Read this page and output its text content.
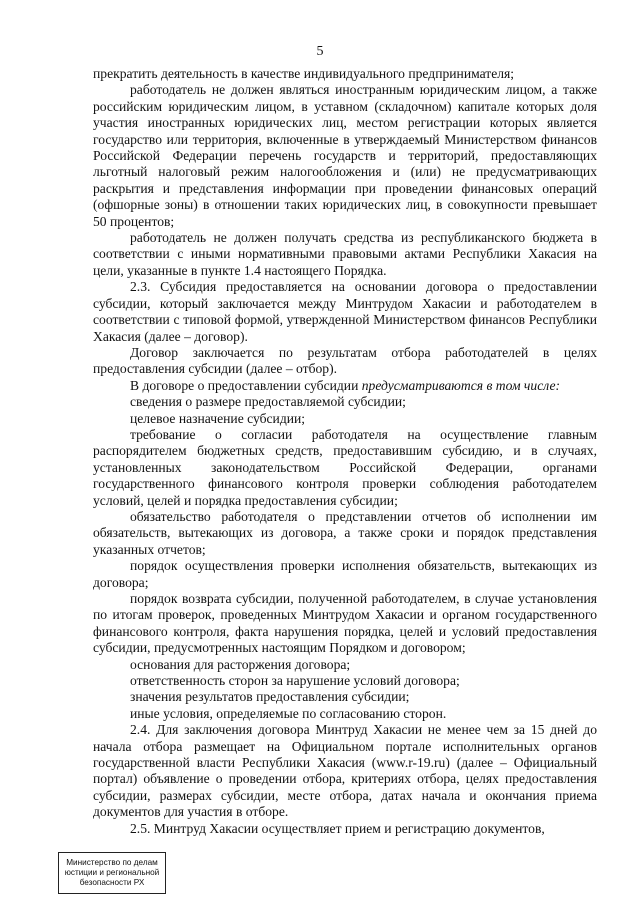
5

прекратить деятельность в качестве индивидуального предпринимателя;

работодатель не должен являться иностранным юридическим лицом, а также российским юридическим лицом, в уставном (складочном) капитале которых доля участия иностранных юридических лиц, местом регистрации которых является государство или территория, включенные в утверждаемый Министерством финансов Российской Федерации перечень государств и территорий, предоставляющих льготный налоговый режим налогообложения и (или) не предусматривающих раскрытия и представления информации при проведении финансовых операций (офшорные зоны) в отношении таких юридических лиц, в совокупности превышает 50 процентов;

работодатель не должен получать средства из республиканского бюджета в соответствии с иными нормативными правовыми актами Республики Хакасия на цели, указанные в пункте 1.4 настоящего Порядка.

2.3. Субсидия предоставляется на основании договора о предоставлении субсидии, который заключается между Минтрудом Хакасии и работодателем в соответствии с типовой формой, утвержденной Министерством финансов Республики Хакасия (далее – договор).

Договор заключается по результатам отбора работодателей в целях предоставления субсидии (далее – отбор).

В договоре о предоставлении субсидии предусматриваются в том числе:

сведения о размере предоставляемой субсидии;

целевое назначение субсидии;

требование о согласии работодателя на осуществление главным распорядителем бюджетных средств, предоставившим субсидию, и в случаях, установленных законодательством Российской Федерации, органами государственного финансового контроля проверки соблюдения работодателем условий, целей и порядка предоставления субсидии;

обязательство работодателя о представлении отчетов об исполнении им обязательств, вытекающих из договора, а также сроки и порядок представления указанных отчетов;

порядок осуществления проверки исполнения обязательств, вытекающих из договора;

порядок возврата субсидии, полученной работодателем, в случае установления по итогам проверок, проведенных Минтрудом Хакасии и органом государственного финансового контроля, факта нарушения порядка, целей и условий предоставления субсидии, предусмотренных настоящим Порядком и договором;

основания для расторжения договора;

ответственность сторон за нарушение условий договора;

значения результатов предоставления субсидии;

иные условия, определяемые по согласованию сторон.

2.4. Для заключения договора Минтруд Хакасии не менее чем за 15 дней до начала отбора размещает на Официальном портале исполнительных органов государственной власти Республики Хакасия (www.r-19.ru) (далее – Официальный портал) объявление о проведении отбора, критериях отбора, целях предоставления субсидии, размерах субсидии, месте отбора, датах начала и окончания приема документов для участия в отборе.

2.5. Минтруд Хакасии осуществляет прием и регистрацию документов,

Министерство по делам
юстиции и региональной
безопасности РХ
